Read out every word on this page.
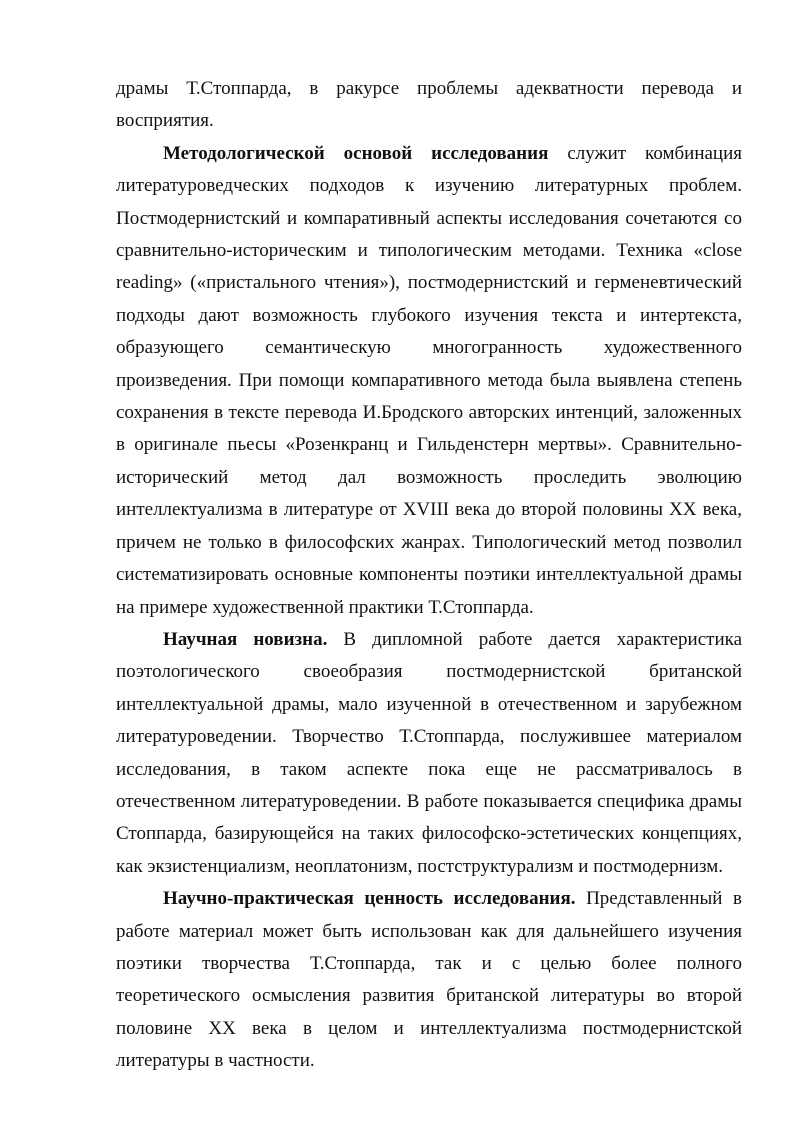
драмы Т.Стоппарда, в ракурсе проблемы адекватности перевода и восприятия.

Методологической основой исследования служит комбинация литературоведческих подходов к изучению литературных проблем. Постмодернистский и компаративный аспекты исследования сочетаются со сравнительно-историческим и типологическим методами. Техника «close reading» («пристального чтения»), постмодернистский и герменевтический подходы дают возможность глубокого изучения текста и интертекста, образующего семантическую многогранность художественного произведения. При помощи компаративного метода была выявлена степень сохранения в тексте перевода И.Бродского авторских интенций, заложенных в оригинале пьесы «Розенкранц и Гильденстерн мертвы». Сравнительно-исторический метод дал возможность проследить эволюцию интеллектуализма в литературе от XVIII века до второй половины XX века, причем не только в философских жанрах. Типологический метод позволил систематизировать основные компоненты поэтики интеллектуальной драмы на примере художественной практики Т.Стоппарда.

Научная новизна. В дипломной работе дается характеристика поэтологического своеобразия постмодернистской британской интеллектуальной драмы, мало изученной в отечественном и зарубежном литературоведении. Творчество Т.Стоппарда, послужившее материалом исследования, в таком аспекте пока еще не рассматривалось в отечественном литературоведении. В работе показывается специфика драмы Стоппарда, базирующейся на таких философско-эстетических концепциях, как экзистенциализм, неоплатонизм, постструктурализм и постмодернизм.

Научно-практическая ценность исследования. Представленный в работе материал может быть использован как для дальнейшего изучения поэтики творчества Т.Стоппарда, так и с целью более полного теоретического осмысления развития британской литературы во второй половине XX века в целом и интеллектуализма постмодернистской литературы в частности.
